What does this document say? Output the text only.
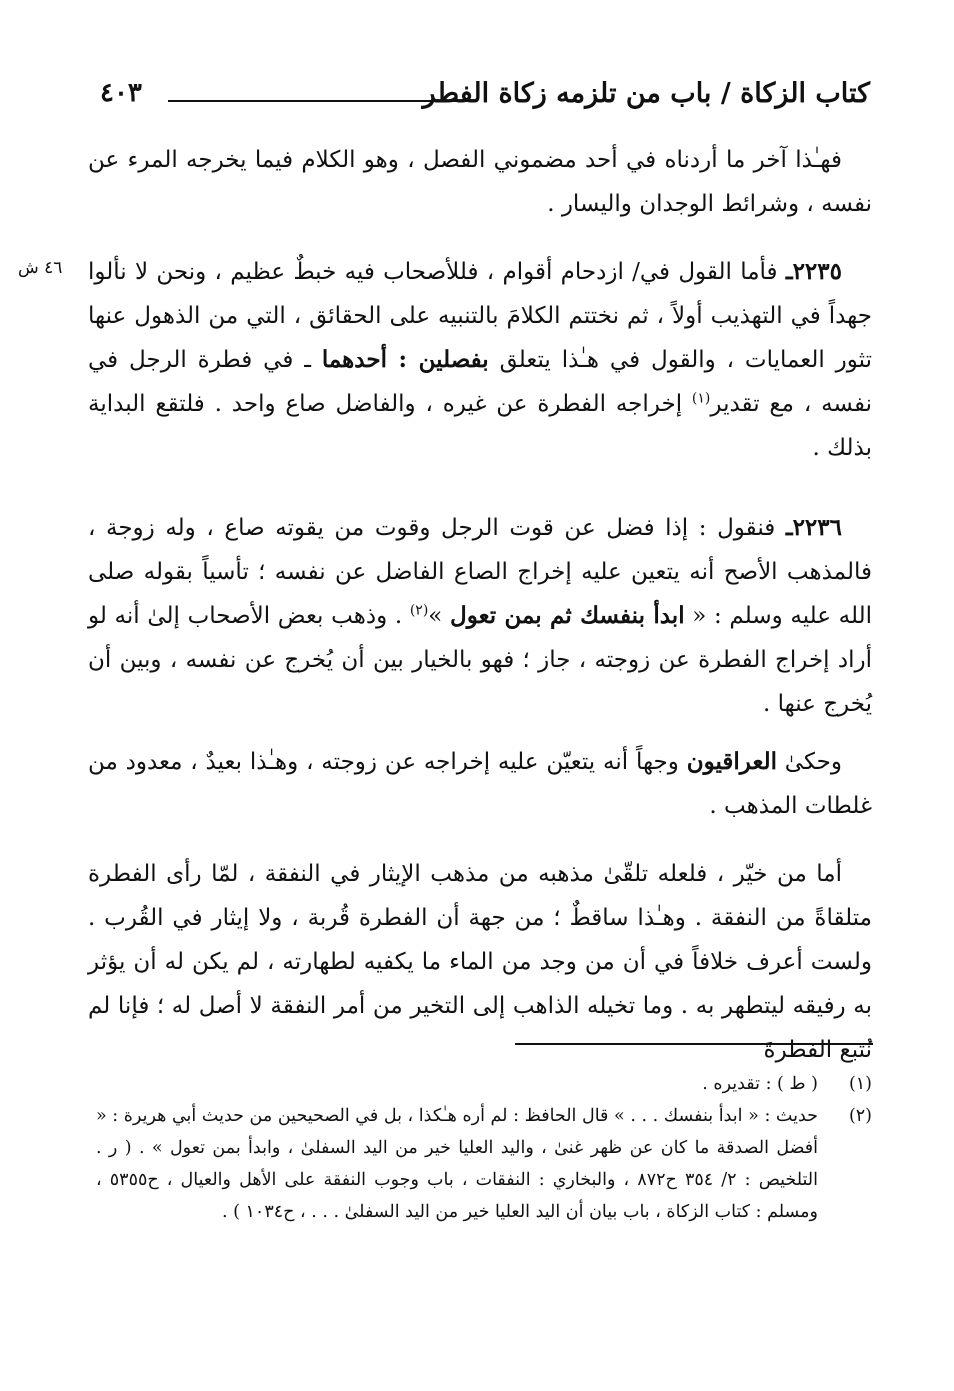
كتاب الزكاة / باب من تلزمه زكاة الفطر
٤٠٣
فهـٰذا آخر ما أردناه في أحد مضموني الفصل ، وهو الكلام فيما يخرجه المرء عن نفسه ، وشرائط الوجدان واليسار .
٤٦ ش	٢٢٣٥ـ فأما القول في/ ازدحام أقوام ، فللأصحاب فيه خبطٌ عظيم ، ونحن لا نألوا جهداً في التهذيب أولاً ، ثم نختتم الكلامَ بالتنبيه على الحقائق ، التي من الذهول عنها تثور العمايات ، والقول في هـٰذا يتعلق بفصلين : أحدهما ـ في فطرة الرجل في نفسه ، مع تقدير$^{(١)}$ إخراجه الفطرة عن غيره ، والفاضل صاع واحد . فلتقع البداية بذلك .
٢٢٣٦ـ فنقول : إذا فضل عن قوت الرجل وقوت من يقوته صاع ، وله زوجة ، فالمذهب الأصح أنه يتعين عليه إخراج الصاع الفاضل عن نفسه ؛ تأسياً بقوله صلى الله عليه وسلم : « ابدأ بنفسك ثم بمن تعول »$^{(٢)}$ . وذهب بعض الأصحاب إلىٰ أنه لو أراد إخراج الفطرة عن زوجته ، جاز ؛ فهو بالخيار بين أن يُخرج عن نفسه ، وبين أن يُخرج عنها .
وحكىٰ العراقيون وجهاً أنه يتعيّن عليه إخراجه عن زوجته ، وهـٰذا بعيدٌ ، معدود من غلطات المذهب .
أما من خيّر ، فلعله تلقّىٰ مذهبه من مذهب الإيثار في النفقة ، لمّا رأى الفطرة متلقاةً من النفقة . وهـٰذا ساقطٌ ؛ من جهة أن الفطرة قُربة ، ولا إيثار في القُرب . ولست أعرف خلافاً في أن من وجد من الماء ما يكفيه لطهارته ، لم يكن له أن يؤثر به رفيقه ليتطهر به . وما تخيله الذاهب إلى التخير من أمر النفقة لا أصل له ؛ فإنا لم نُتبع الفطرةَ
(١)
( ط ) : تقديره .
(٢)
حديث : « ابدأ بنفسك . . . » قال الحافظ : لم أره هـٰكذا ، بل في الصحيحين من حديث أبي هريرة : « أفضل الصدقة ما كان عن ظهر غنىٰ ، واليد العليا خير من اليد السفلىٰ ، وابدأ بمن تعول » . ( ر . التلخيص : ٢/ ٣٥٤ ح٨٧٢ ، والبخاري : النفقات ، باب وجوب النفقة على الأهل والعيال ، ح٥٣٥٥ ، ومسلم : كتاب الزكاة ، باب بيان أن اليد العليا خير من اليد السفلىٰ . . . ، ح١٠٣٤ ) .
